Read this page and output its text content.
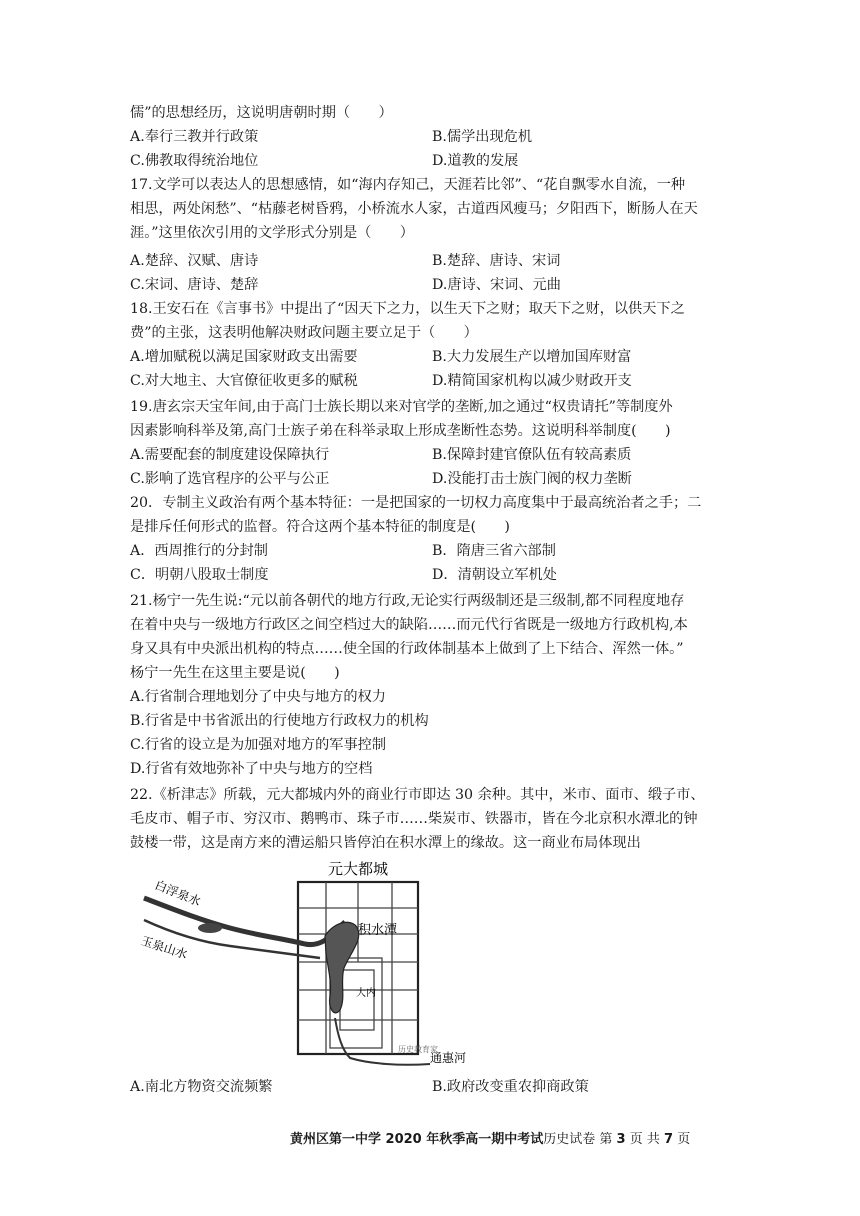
儒”的思想经历，这说明唐朝时期（　　）
A.奉行三教并行政策	B.儒学出现危机
C.佛教取得统治地位	D.道教的发展
17.文学可以表达人的思想感情，如“海内存知己，天涯若比邻”、“花自飘零水自流，一种
相思，两处闲愁”、“枯藤老树昏鸦，小桥流水人家，古道西风瘦马；夕阳西下，断肠人在天
涯。”这里依次引用的文学形式分别是（　　）
A.楚辞、汉赋、唐诗	B.楚辞、唐诗、宋词
C.宋词、唐诗、楚辞	D.唐诗、宋词、元曲
18.王安石在《言事书》中提出了“因天下之力，以生天下之财；取天下之财，以供天下之
费”的主张，这表明他解决财政问题主要立足于（　　）
A.增加赋税以满足国家财政支出需要	B.大力发展生产以增加国库财富
C.对大地主、大官僚征收更多的赋税	D.精简国家机构以减少财政开支
19.唐玄宗天宝年间,由于高门士族长期以来对官学的垄断,加之通过“权贵请托”等制度外
因素影响科举及第,高门士族子弟在科举录取上形成垄断性态势。这说明科举制度(　　)
A.需要配套的制度建设保障执行	B.保障封建官僚队伍有较高素质
C.影响了选官程序的公平与公正	D.没能打击士族门阀的权力垄断
20．专制主义政治有两个基本特征：一是把国家的一切权力高度集中于最高统治者之手；二
是排斥任何形式的监督。符合这两个基本特征的制度是(　　)
A．西周推行的分封制	B．隋唐三省六部制
C．明朝八股取士制度	D．清朝设立军机处
21.杨宁一先生说:“元以前各朝代的地方行政,无论实行两级制还是三级制,都不同程度地存
在着中央与一级地方行政区之间空档过大的缺陷……而元代行省既是一级地方行政机构,本
身又具有中央派出机构的特点……使全国的行政体制基本上做到了上下结合、浑然一体。”
杨宁一先生在这里主要是说(　　)
A.行省制合理地划分了中央与地方的权力
B.行省是中书省派出的行使地方行政权力的机构
C.行省的设立是为加强对地方的军事控制
D.行省有效地弥补了中央与地方的空档
22.《析津志》所载，元大都城内外的商业行市即达 30 余种。其中，米市、面市、缎子市、
毛皮市、帽子市、穷汉市、鹅鸭市、珠子市……柴炭市、铁器市，皆在今北京积水潭北的钟
鼓楼一带，这是南方来的漕运船只皆停泊在积水潭上的缘故。这一商业布局体现出
元大都城
积水潭
大内
白浮泉水
玉泉山水
通惠河
历史教育家
A.南北方物资交流频繁	B.政府改变重农抑商政策
黄州区第一中学 2020 年秋季高一期中考试历史试卷 第 3 页 共 7 页
